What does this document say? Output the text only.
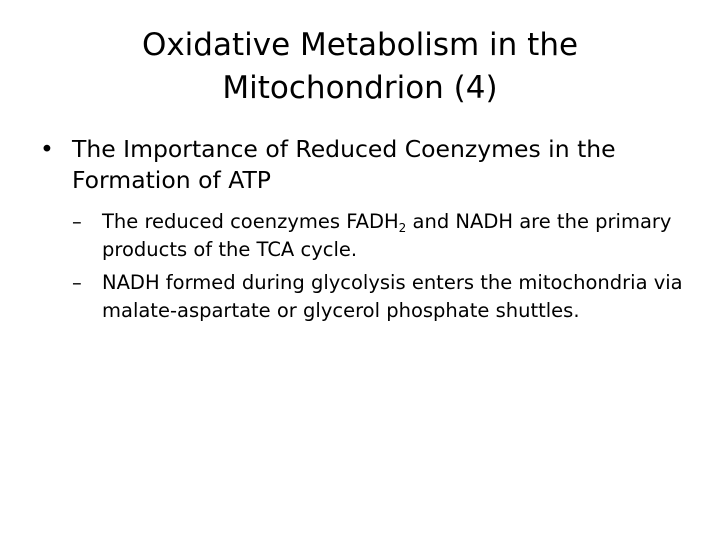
Oxidative Metabolism in the
Mitochondrion (4)
• The Importance of Reduced Coenzymes in the Formation of ATP
– The reduced coenzymes $FADH_2$ and NADH are the primary products of the TCA cycle.
– NADH formed during glycolysis enters the mitochondria via malate-aspartate or glycerol phosphate shuttles.
